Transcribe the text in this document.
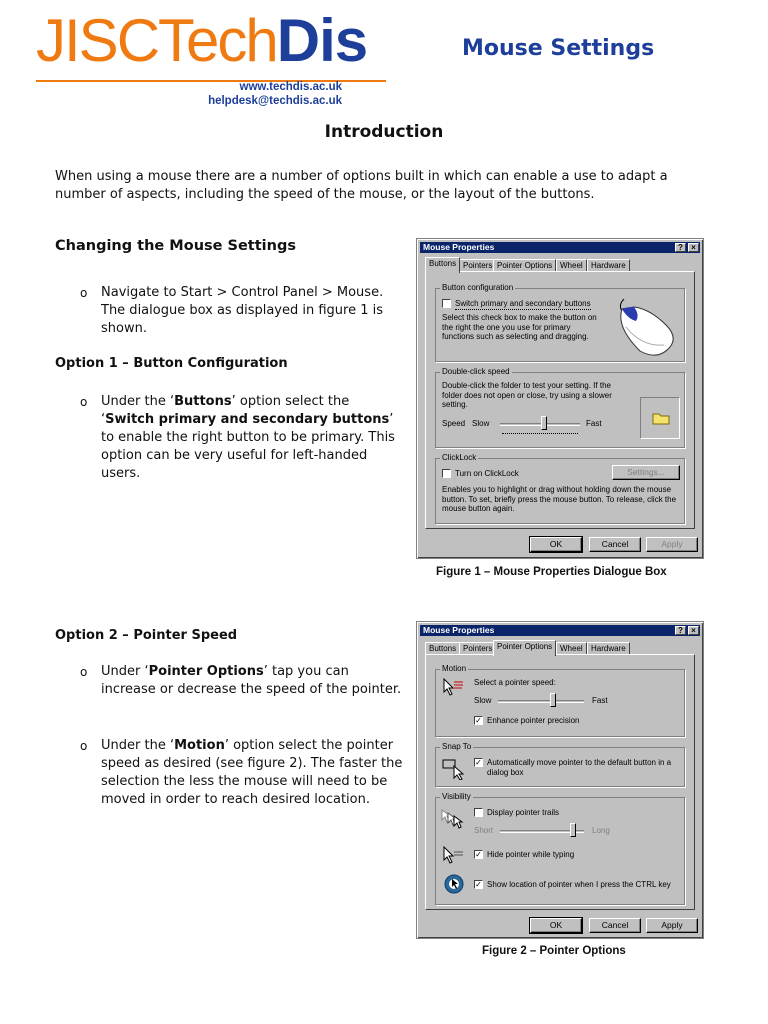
JISCTechDis
www.techdis.ac.uk
helpdesk@techdis.ac.uk
Mouse Settings
Introduction

When using a mouse there are a number of options built in which can enable a use to adapt a number of aspects, including the speed of the mouse, or the layout of the buttons.

Changing the Mouse Settings
o Navigate to Start > Control Panel > Mouse. The dialogue box as displayed in figure 1 is shown.
Option 1 – Button Configuration
o Under the ‘Buttons’ option select the ‘Switch primary and secondary buttons’ to enable the right button to be primary. This option can be very useful for left-handed users.
Option 2 – Pointer Speed
o Under ‘Pointer Options’ tap you can increase or decrease the speed of the pointer.
o Under the ‘Motion’ option select the pointer speed as desired (see figure 2). The faster the selection the less the mouse will need to be moved in order to reach desired location.
Mouse Properties	?	×
Buttons Pointers Pointer Options Wheel	Hardware
Button configuration
Switch primary and secondary buttons
Select this check box to make the button on the right the one you use for primary functions such as selecting and dragging.
Double-click speed
Double-click the folder to test your setting. If the folder does not open or close, try using a slower setting.
Speed Slow	Fast
ClickLock
Turn on ClickLock	Settings...
Enables you to highlight or drag without holding down the mouse button. To set, briefly press the mouse button. To release, click the mouse button again.
OK	Cancel	Apply
Figure 1 – Mouse Properties Dialogue Box
Mouse Properties	?	×
Buttons Pointers Pointer Options Wheel	Hardware
Motion
Select a pointer speed:
Slow	Fast
✓ Enhance pointer precision
Snap To
✓ Automatically move pointer to the default button in a dialog box
Visibility
Display pointer trails
Short	Long
✓ Hide pointer while typing
✓ Show location of pointer when I press the CTRL key
OK	Cancel	Apply
Figure 2 – Pointer Options
